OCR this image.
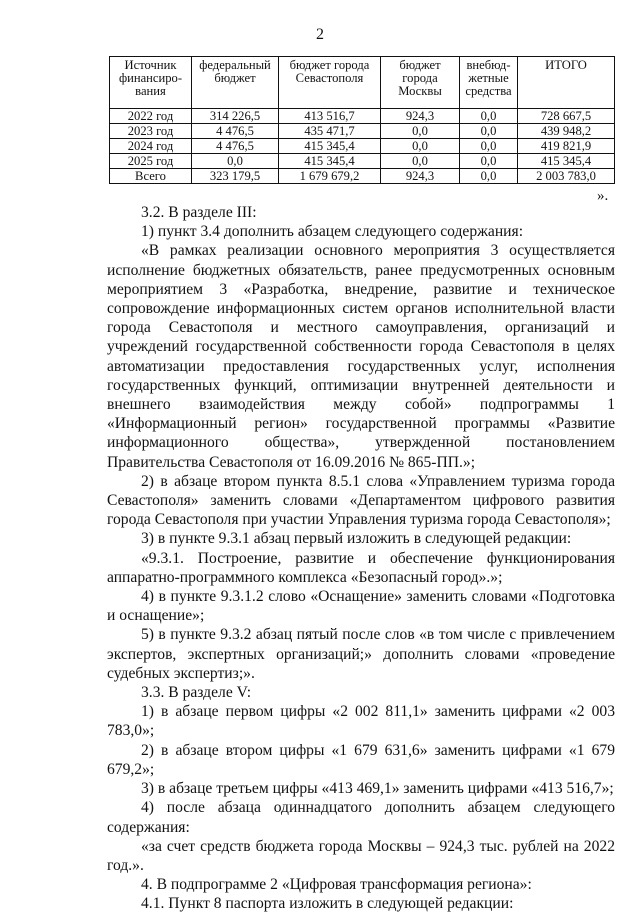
2
Источник финансиро-вания	федеральный бюджет	бюджет города Севастополя	бюджет города Москвы	внебюд-жетные средства	ИТОГО
2022 год	314 226,5	413 516,7	924,3	0,0	728 667,5
2023 год	4 476,5	435 471,7	0,0	0,0	439 948,2
2024 год	4 476,5	415 345,4	0,0	0,0	419 821,9
2025 год	0,0	415 345,4	0,0	0,0	415 345,4
Всего	323 179,5	1 679 679,2	924,3	0,0	2 003 783,0
».

3.2. В разделе III:

1) пункт 3.4 дополнить абзацем следующего содержания:

«В рамках реализации основного мероприятия 3 осуществляется исполнение бюджетных обязательств, ранее предусмотренных основным мероприятием 3 «Разработка, внедрение, развитие и техническое сопровождение информационных систем органов исполнительной власти города Севастополя и местного самоуправления, организаций и учреждений государственной собственности города Севастополя в целях автоматизации предоставления государственных услуг, исполнения государственных функций, оптимизации внутренней деятельности и внешнего взаимодействия между собой» подпрограммы 1 «Информационный регион» государственной программы «Развитие информационного общества», утвержденной постановлением Правительства Севастополя от 16.09.2016 № 865-ПП.»;

2) в абзаце втором пункта 8.5.1 слова «Управлением туризма города Севастополя» заменить словами «Департаментом цифрового развития города Севастополя при участии Управления туризма города Севастополя»;

3) в пункте 9.3.1 абзац первый изложить в следующей редакции:

«9.3.1. Построение, развитие и обеспечение функционирования аппаратно-программного комплекса «Безопасный город».»;

4) в пункте 9.3.1.2 слово «Оснащение» заменить словами «Подготовка и оснащение»;

5) в пункте 9.3.2 абзац пятый после слов «в том числе с привлечением экспертов, экспертных организаций;» дополнить словами «проведение судебных экспертиз;».

3.3. В разделе V:

1) в абзаце первом цифры «2 002 811,1» заменить цифрами «2 003 783,0»;

2) в абзаце втором цифры «1 679 631,6» заменить цифрами «1 679 679,2»;

3) в абзаце третьем цифры «413 469,1» заменить цифрами «413 516,7»;

4) после абзаца одиннадцатого дополнить абзацем следующего содержания:

«за счет средств бюджета города Москвы – 924,3 тыс. рублей на 2022 год.».

4. В подпрограмме 2 «Цифровая трансформация региона»:

4.1. Пункт 8 паспорта изложить в следующей редакции:
